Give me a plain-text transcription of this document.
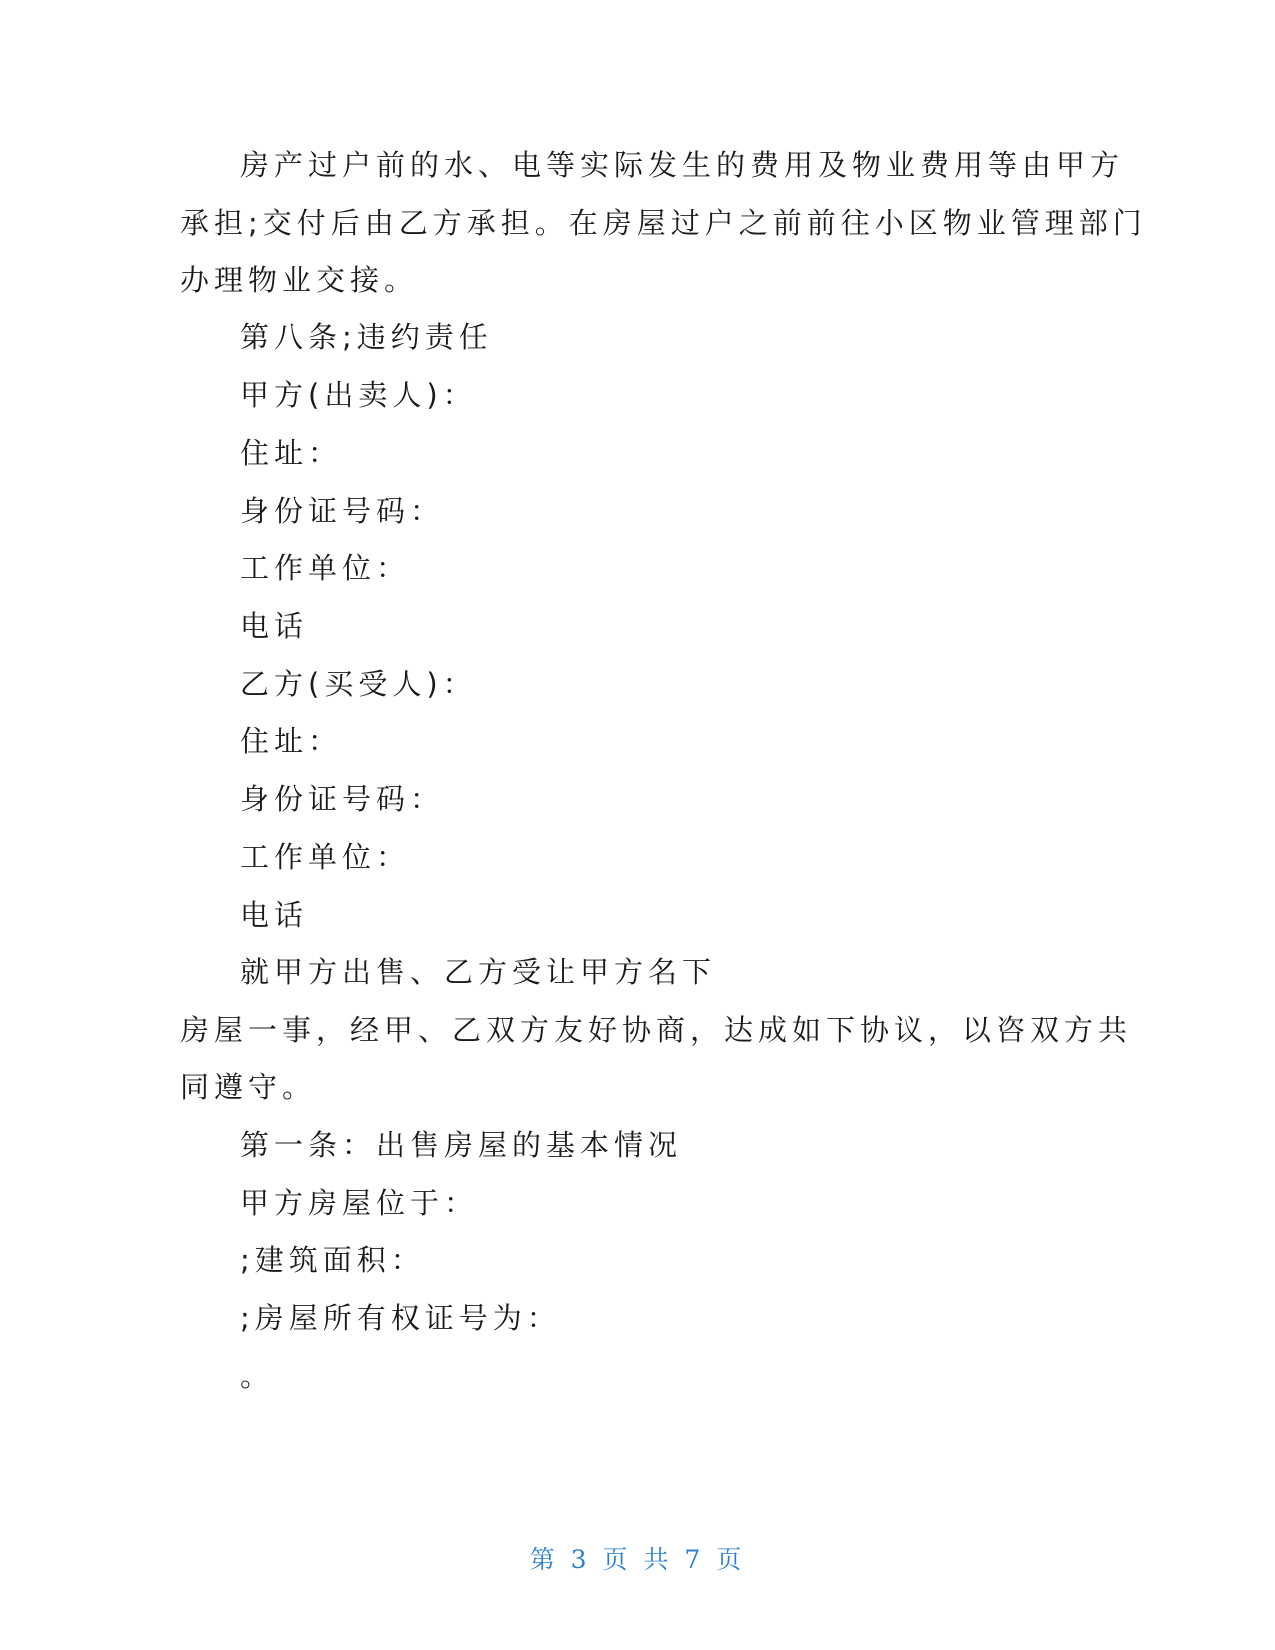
房产过户前的水、电等实际发生的费用及物业费用等由甲方
承担;交付后由乙方承担。在房屋过户之前前往小区物业管理部门
办理物业交接。
第八条;违约责任
甲方(出卖人)：
住址：
身份证号码：
工作单位：
电话
乙方(买受人)：
住址：
身份证号码：
工作单位：
电话
就甲方出售、乙方受让甲方名下
房屋一事，经甲、乙双方友好协商，达成如下协议，以咨双方共
同遵守。
第一条：出售房屋的基本情况
甲方房屋位于：
;建筑面积：
;房屋所有权证号为：
。
第 3 页 共 7 页
